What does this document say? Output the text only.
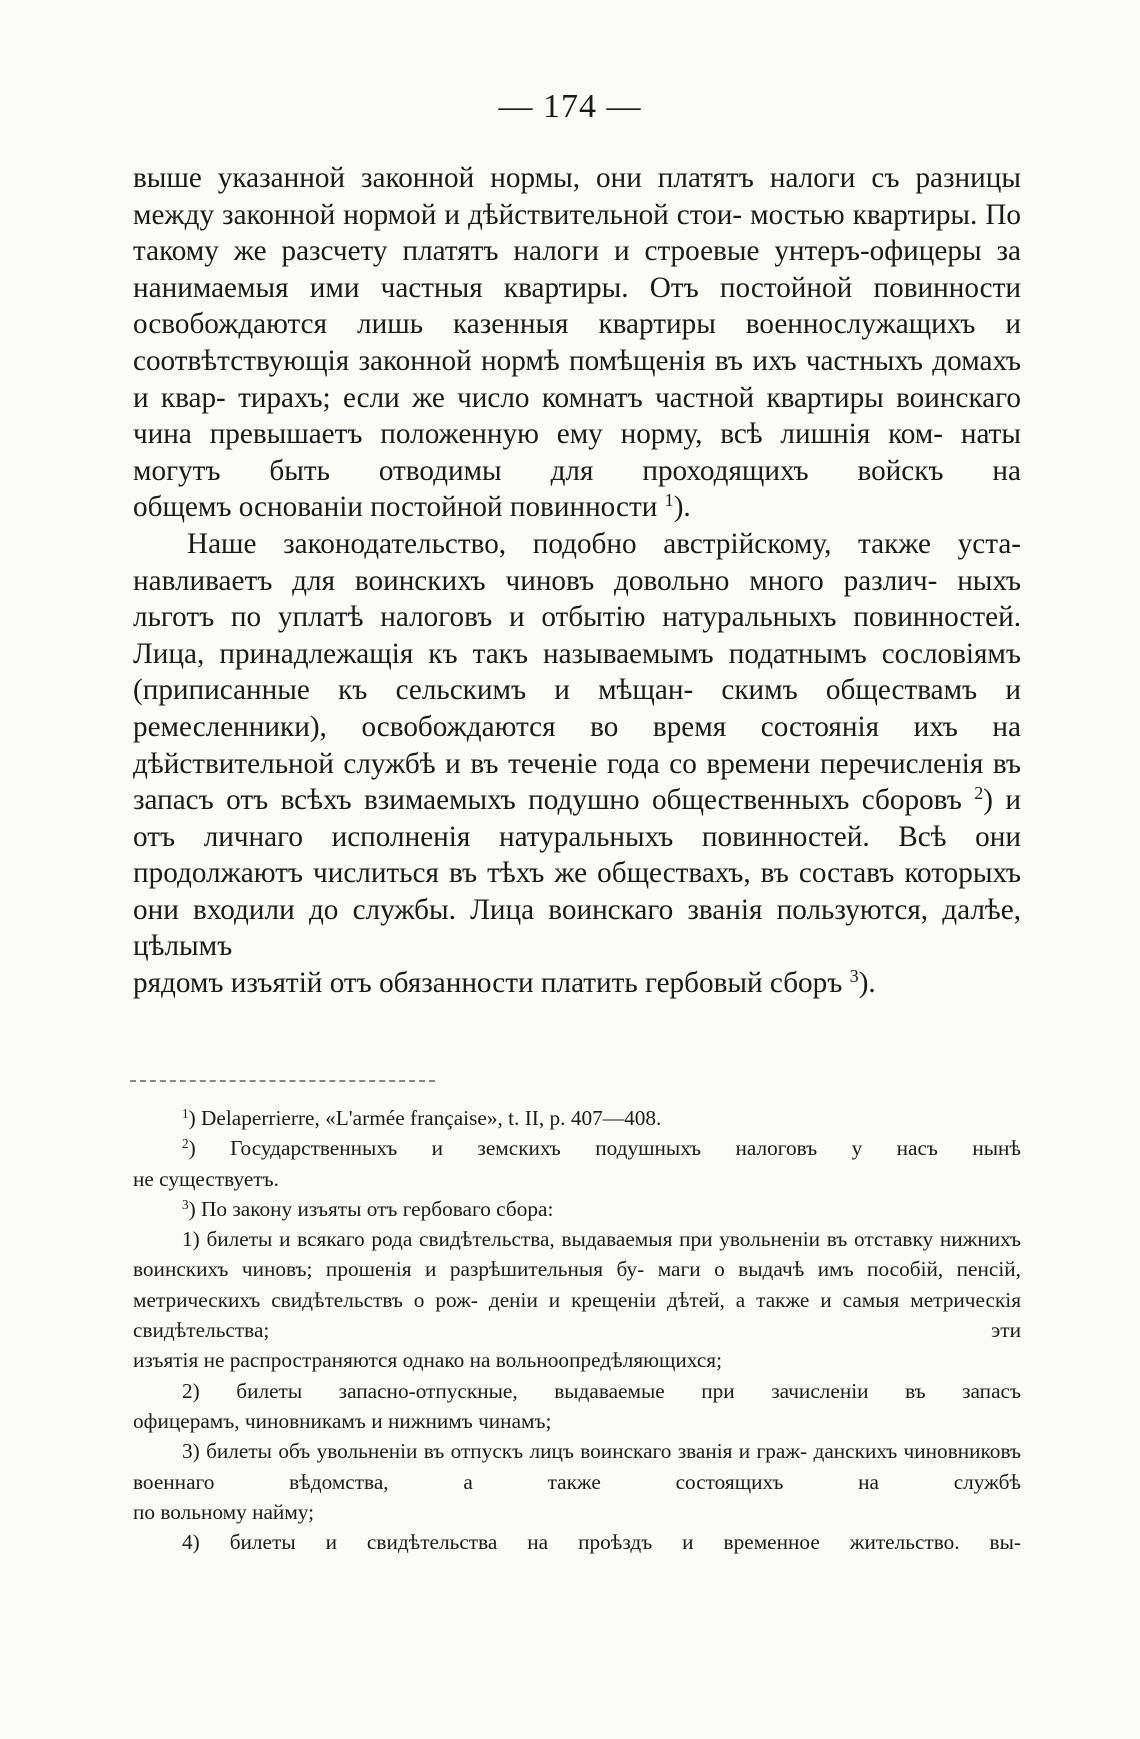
— 174 —

выше указанной законной нормы, они платятъ налоги съ разницы между законной нормой и дѣйствительной стои- мостью квартиры. По такому же разсчету платятъ налоги и строевые унтеръ-офицеры за нанимаемыя ими частныя квартиры. Отъ постойной повинности освобождаются лишь казенныя квартиры военнослужащихъ и соотвѣтствующія законной нормѣ помѣщенія въ ихъ частныхъ домахъ и квар- тирахъ; если же число комнатъ частной квартиры воинскаго чина превышаетъ положенную ему норму, всѣ лишнія ком- наты могутъ быть отводимы для проходящихъ войскъ на

общемъ основаніи постойной повинности $^1$).

Наше законодательство, подобно австрійскому, также уста- навливаетъ для воинскихъ чиновъ довольно много различ- ныхъ льготъ по уплатѣ налоговъ и отбытію натуральныхъ повинностей. Лица, принадлежащія къ такъ называемымъ податнымъ сословіямъ (приписанные къ сельскимъ и мѣщан- скимъ обществамъ и ремесленники), освобождаются во время состоянія ихъ на дѣйствительной службѣ и въ теченіе года со времени перечисленія въ запасъ отъ всѣхъ взимаемыхъ подушно общественныхъ сборовъ $^2$) и отъ личнаго исполненія натуральныхъ повинностей. Всѣ они продолжаютъ числиться въ тѣхъ же обществахъ, въ составъ которыхъ они входили до службы. Лица воинскаго званія пользуются, далѣе, цѣлымъ

рядомъ изъятій отъ обязанности платить гербовый сборъ $^3$).

$^1$) Delaperrierre, «L'armée française», t. II, p. 407—408.

$^2$) Государственныхъ и земскихъ подушныхъ налоговъ у насъ нынѣ

не существуетъ.

$^3$) По закону изъяты отъ гербоваго сбора:

1) билеты и всякаго рода свидѣтельства, выдаваемыя при увольненіи въ отставку нижнихъ воинскихъ чиновъ; прошенія и разрѣшительныя бу- маги о выдачѣ имъ пособій, пенсій, метрическихъ свидѣтельствъ о рож- деніи и крещеніи дѣтей, а также и самыя метрическія свидѣтельства; эти

изъятія не распространяются однако на вольноопредѣляющихся;

2) билеты запасно-отпускные, выдаваемые при зачисленіи въ запасъ

офицерамъ, чиновникамъ и нижнимъ чинамъ;

3) билеты объ увольненіи въ отпускъ лицъ воинскаго званія и граж- данскихъ чиновниковъ военнаго вѣдомства, а также состоящихъ на службѣ

по вольному найму;

4) билеты и свидѣтельства на проѣздъ и временное жительство. вы-
